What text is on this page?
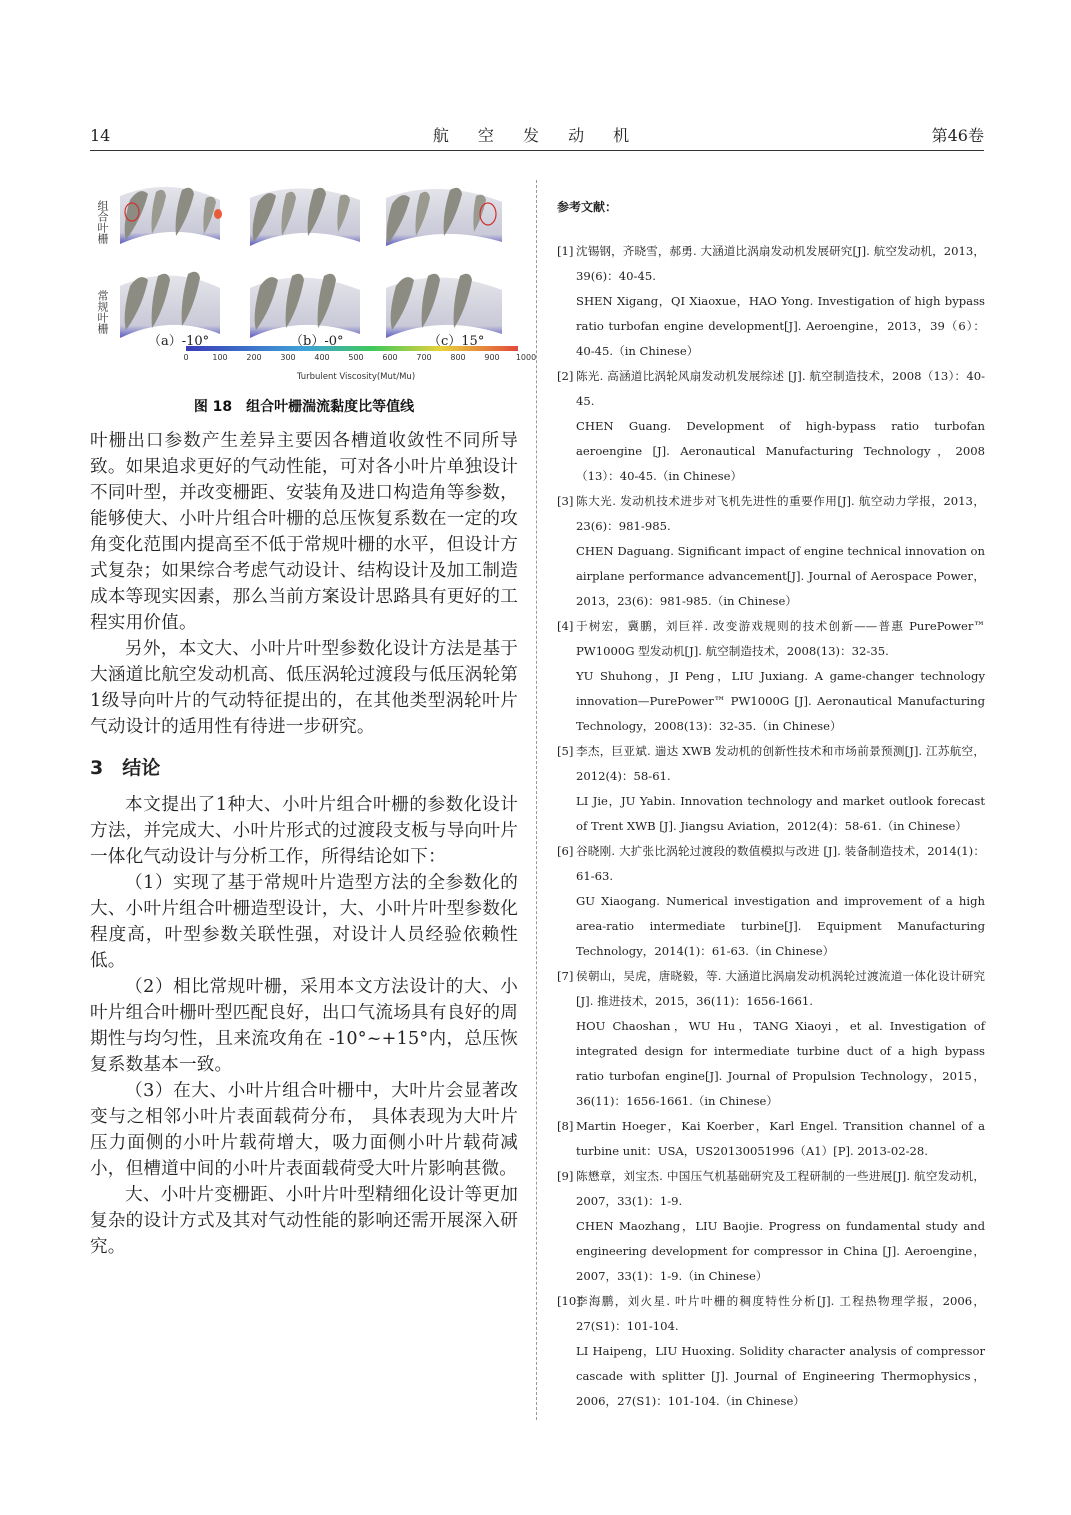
14	航 空 发 动 机	第46卷
组合叶栅
常规叶栅
（a）-10°	（b）-0°	（c）15°
0	100 200 300 400 500 600 700 800 900 1000
Turbulent Viscosity(Mut/Mu)
图 18　组合叶栅湍流黏度比等值线

叶栅出口参数产生差异主要因各槽道收敛性不同所导致。如果追求更好的气动性能，可对各小叶片单独设计不同叶型，并改变栅距、安装角及进口构造角等参数，能够使大、小叶片组合叶栅的总压恢复系数在一定的攻角变化范围内提高至不低于常规叶栅的水平，但设计方式复杂；如果综合考虑气动设计、结构设计及加工制造成本等现实因素，那么当前方案设计思路具有更好的工程实用价值。

另外，本文大、小叶片叶型参数化设计方法是基于大涵道比航空发动机高、低压涡轮过渡段与低压涡轮第1级导向叶片的气动特征提出的，在其他类型涡轮叶片气动设计的适用性有待进一步研究。

3　结论

本文提出了1种大、小叶片组合叶栅的参数化设计方法，并完成大、小叶片形式的过渡段支板与导向叶片一体化气动设计与分析工作，所得结论如下：

（1）实现了基于常规叶片造型方法的全参数化的大、小叶片组合叶栅造型设计，大、小叶片叶型参数化程度高，叶型参数关联性强，对设计人员经验依赖性低。

（2）相比常规叶栅，采用本文方法设计的大、小叶片组合叶栅叶型匹配良好，出口气流场具有良好的周期性与均匀性，且来流攻角在 -10°~+15°内，总压恢复系数基本一致。

（3）在大、小叶片组合叶栅中，大叶片会显著改变与之相邻小叶片表面载荷分布， 具体表现为大叶片压力面侧的小叶片载荷增大，吸力面侧小叶片载荷减小，但槽道中间的小叶片表面载荷受大叶片影响甚微。

大、小叶片变栅距、小叶片叶型精细化设计等更加复杂的设计方式及其对气动性能的影响还需开展深入研究。

参考文献：
[1] 沈锡钢，齐晓雪，郝勇. 大涵道比涡扇发动机发展研究[J]. 航空发动机，2013，39(6)：40-45.
SHEN Xigang，QI Xiaoxue，HAO Yong. Investigation of high bypass ratio turbofan engine development[J]. Aeroengine，2013，39（6）：40-45.（in Chinese）
[2] 陈光. 高涵道比涡轮风扇发动机发展综述 [J]. 航空制造技术，2008（13）：40-45.
CHEN Guang. Development of high-bypass ratio turbofan aeroengine [J]. Aeronautical Manufacturing Technology，2008（13）：40-45.（in Chinese）
[3] 陈大光. 发动机技术进步对飞机先进性的重要作用[J]. 航空动力学报，2013，23(6)：981-985.
CHEN Daguang. Significant impact of engine technical innovation on airplane performance advancement[J]. Journal of Aerospace Power，2013，23(6)：981-985.（in Chinese）
[4] 于树宏，冀鹏，刘巨祥. 改变游戏规则的技术创新——普惠 PurePower™ PW1000G 型发动机[J]. 航空制造技术，2008(13)：32-35.
YU Shuhong，JI Peng，LIU Juxiang. A game-changer technology innovation—PurePower™ PW1000G [J]. Aeronautical Manufacturing Technology，2008(13)：32-35.（in Chinese）
[5] 李杰，巨亚斌. 遄达 XWB 发动机的创新性技术和市场前景预测[J]. 江苏航空，2012(4)：58-61.
LI Jie，JU Yabin. Innovation technology and market outlook forecast of Trent XWB [J]. Jiangsu Aviation，2012(4)：58-61.（in Chinese）
[6] 谷晓刚. 大扩张比涡轮过渡段的数值模拟与改进 [J]. 装备制造技术，2014(1)：61-63.
GU Xiaogang. Numerical investigation and improvement of a high area-ratio intermediate turbine[J]. Equipment Manufacturing Technology，2014(1)：61-63.（in Chinese）
[7] 侯朝山，吴虎，唐晓毅，等. 大涵道比涡扇发动机涡轮过渡流道一体化设计研究[J]. 推进技术，2015，36(11)：1656-1661.
HOU Chaoshan，WU Hu，TANG Xiaoyi，et al. Investigation of integrated design for intermediate turbine duct of a high bypass ratio turbofan engine[J]. Journal of Propulsion Technology，2015，36(11)：1656-1661.（in Chinese）
[8] Martin Hoeger，Kai Koerber，Karl Engel. Transition channel of a turbine unit：USA，US20130051996（A1）[P]. 2013-02-28.
[9] 陈懋章，刘宝杰. 中国压气机基础研究及工程研制的一些进展[J]. 航空发动机，2007，33(1)：1-9.
CHEN Maozhang，LIU Baojie. Progress on fundamental study and engineering development for compressor in China [J]. Aeroengine，2007，33(1)：1-9.（in Chinese）
[10]
李海鹏，刘火星. 叶片叶栅的稠度特性分析[J]. 工程热物理学报，2006，27(S1)：101-104.
LI Haipeng，LIU Huoxing. Solidity character analysis of compressor cascade with splitter [J]. Journal of Engineering Thermophysics，2006，27(S1)：101-104.（in Chinese）
